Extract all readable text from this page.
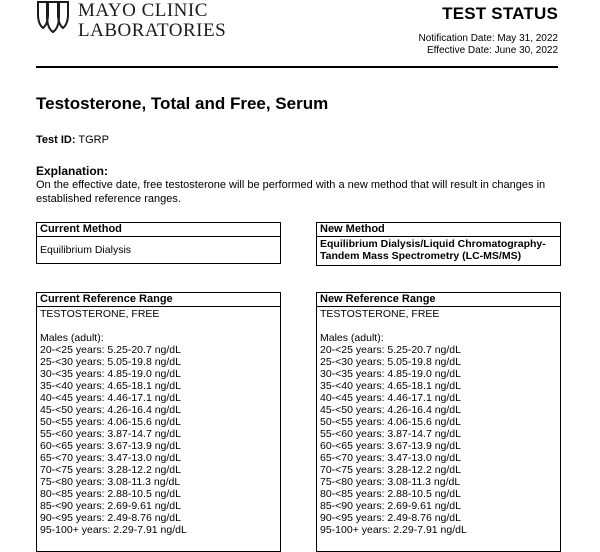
MAYO CLINIC
LABORATORIES
TEST STATUS
Notification Date: May 31, 2022
Effective Date: June 30, 2022
Testosterone, Total and Free, Serum
Test ID: TGRP
Explanation:
On the effective date, free testosterone will be performed with a new method that will result in changes in established reference ranges.
Current Method
Equilibrium Dialysis
New Method
Equilibrium Dialysis/Liquid Chromatography-
Tandem Mass Spectrometry (LC-MS/MS)
Current Reference Range
TESTOSTERONE, FREE
Males (adult):
20-<25 years: 5.25-20.7 ng/dL
25-<30 years: 5.05-19.8 ng/dL
30-<35 years: 4.85-19.0 ng/dL
35-<40 years: 4.65-18.1 ng/dL
40-<45 years: 4.46-17.1 ng/dL
45-<50 years: 4.26-16.4 ng/dL
50-<55 years: 4.06-15.6 ng/dL
55-<60 years: 3.87-14.7 ng/dL
60-<65 years: 3.67-13.9 ng/dL
65-<70 years: 3.47-13.0 ng/dL
70-<75 years: 3.28-12.2 ng/dL
75-<80 years: 3.08-11.3 ng/dL
80-<85 years: 2.88-10.5 ng/dL
85-<90 years: 2.69-9.61 ng/dL
90-<95 years: 2.49-8.76 ng/dL
95-100+ years: 2.29-7.91 ng/dL
New Reference Range
TESTOSTERONE, FREE
Males (adult):
20-<25 years: 5.25-20.7 ng/dL
25-<30 years: 5.05-19.8 ng/dL
30-<35 years: 4.85-19.0 ng/dL
35-<40 years: 4.65-18.1 ng/dL
40-<45 years: 4.46-17.1 ng/dL
45-<50 years: 4.26-16.4 ng/dL
50-<55 years: 4.06-15.6 ng/dL
55-<60 years: 3.87-14.7 ng/dL
60-<65 years: 3.67-13.9 ng/dL
65-<70 years: 3.47-13.0 ng/dL
70-<75 years: 3.28-12.2 ng/dL
75-<80 years: 3.08-11.3 ng/dL
80-<85 years: 2.88-10.5 ng/dL
85-<90 years: 2.69-9.61 ng/dL
90-<95 years: 2.49-8.76 ng/dL
95-100+ years: 2.29-7.91 ng/dL
